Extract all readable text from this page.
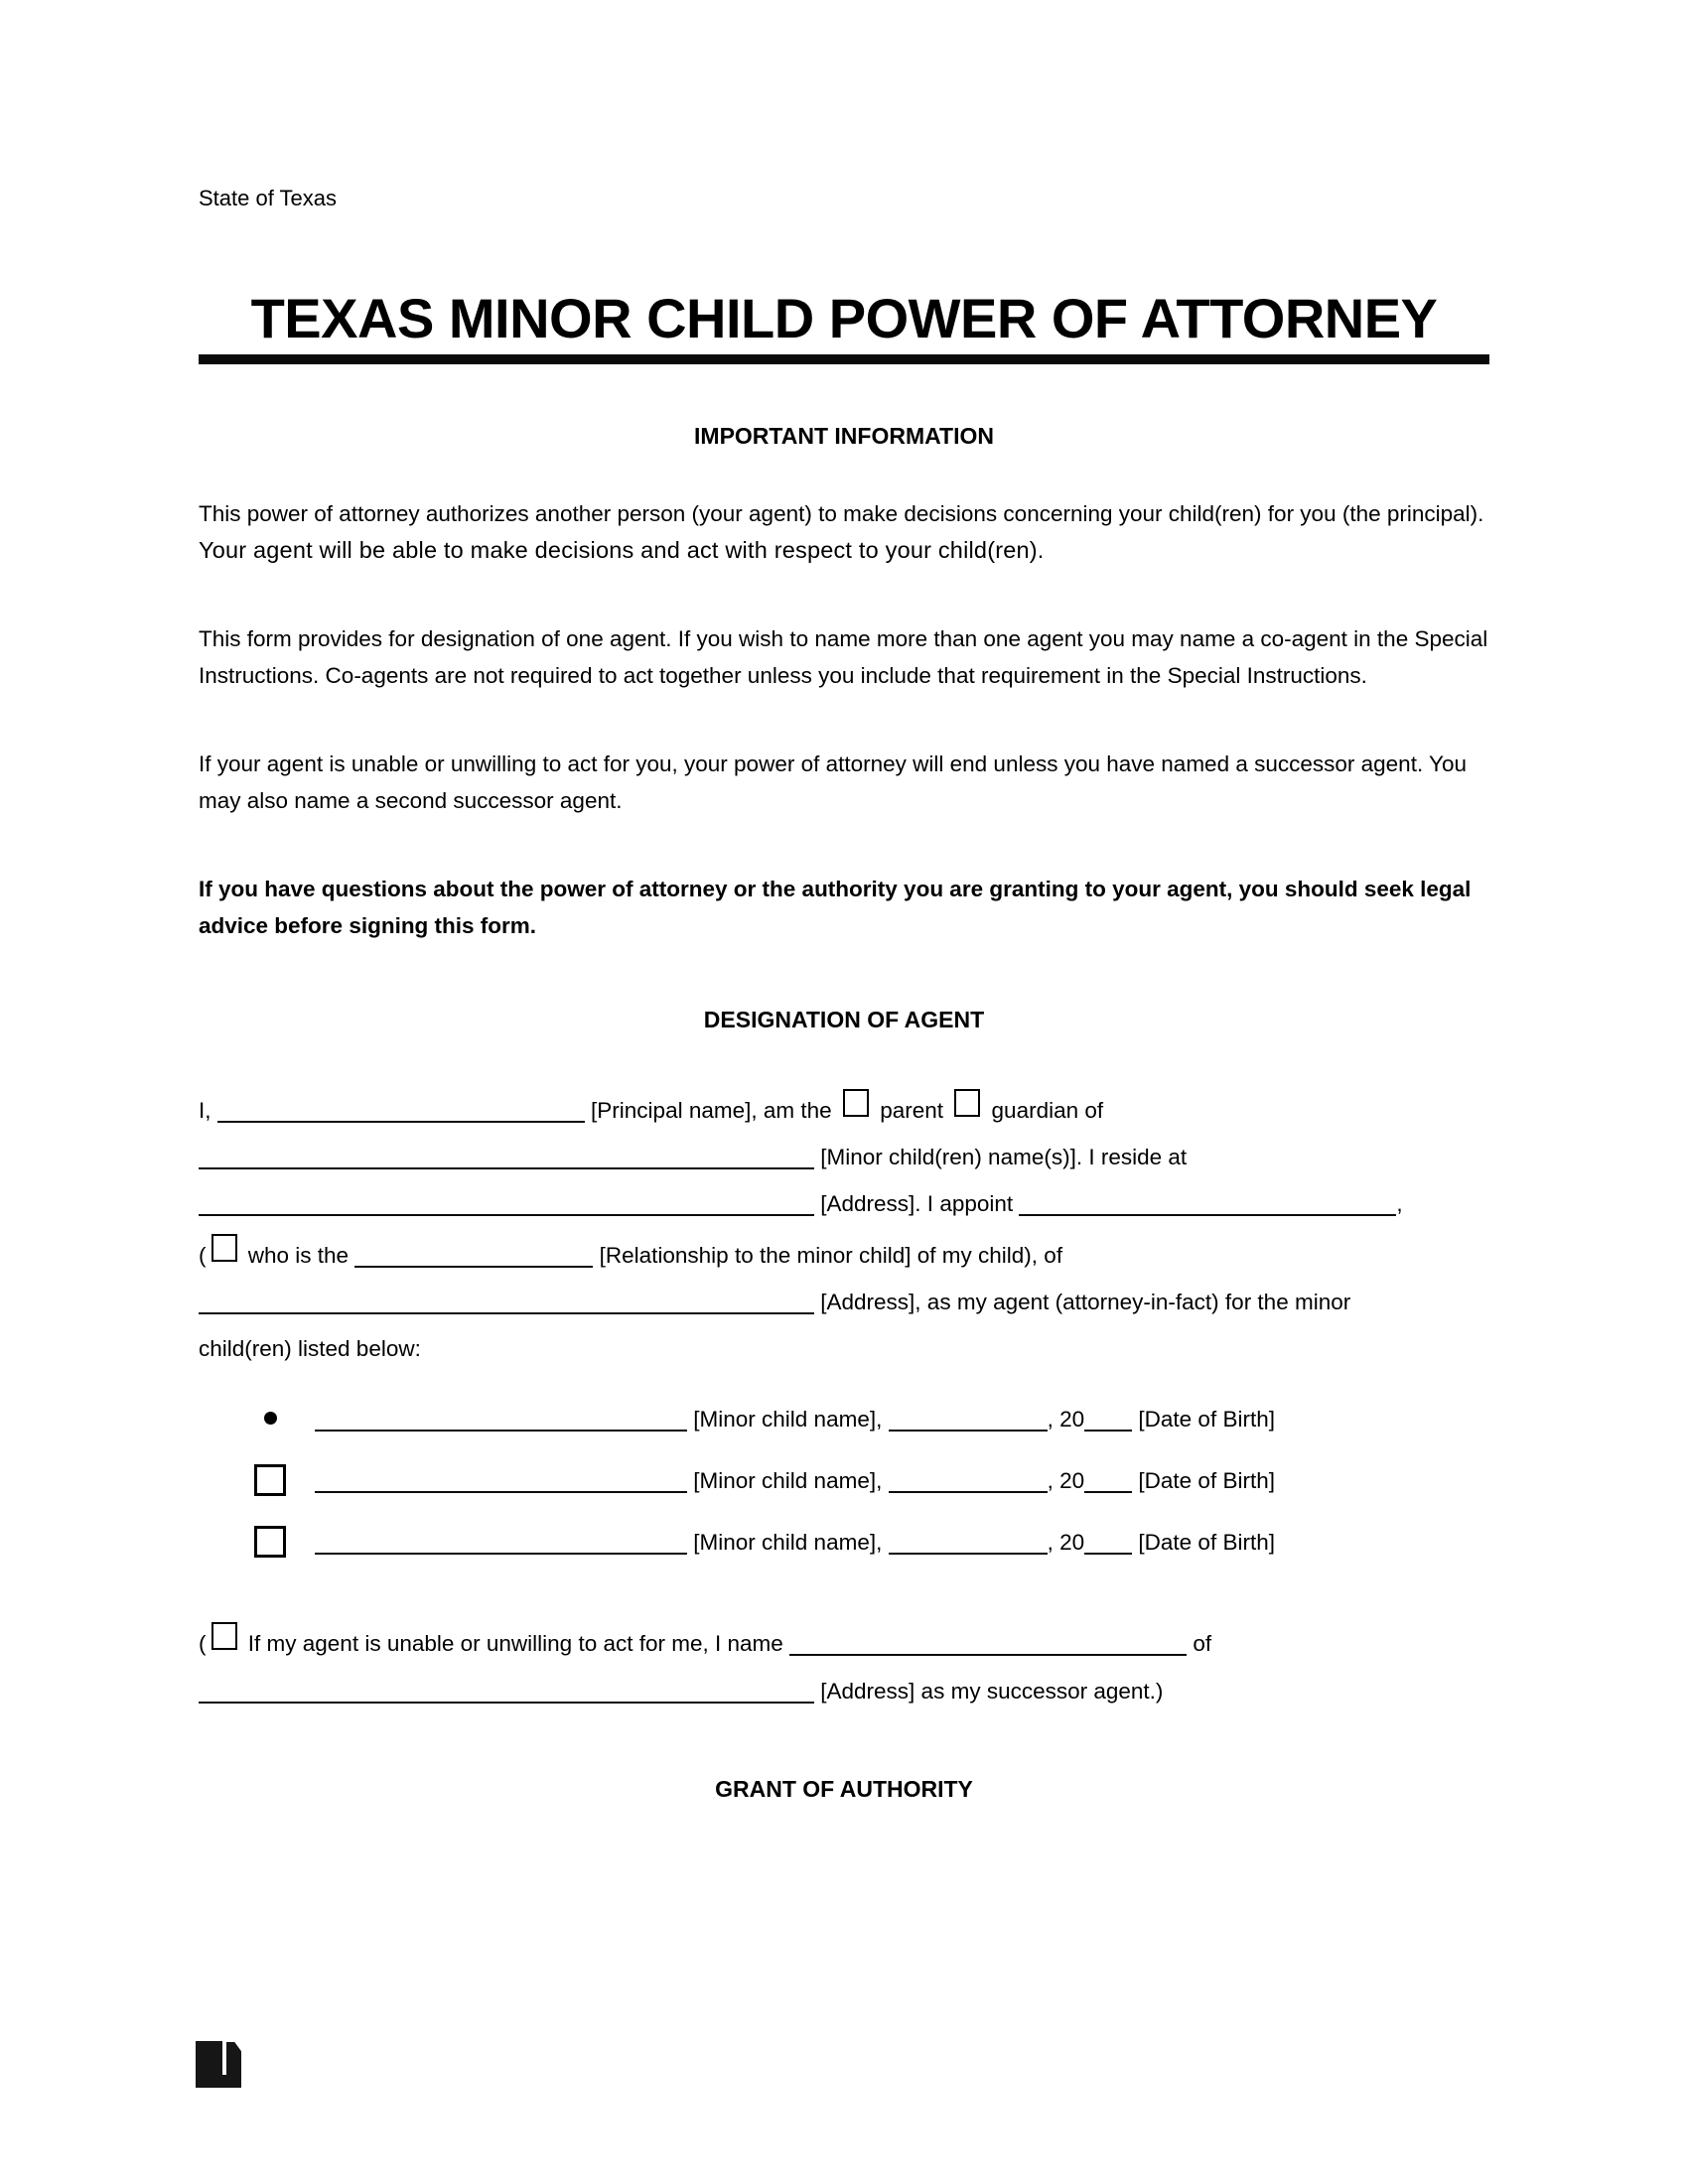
State of Texas
TEXAS MINOR CHILD POWER OF ATTORNEY
IMPORTANT INFORMATION

This power of attorney authorizes another person (your agent) to make decisions concerning your child(ren) for you (the principal). Your agent will be able to make decisions and act with respect to your child(ren).

This form provides for designation of one agent. If you wish to name more than one agent you may name a co-agent in the Special Instructions. Co-agents are not required to act together unless you include that requirement in the Special Instructions.

If your agent is unable or unwilling to act for you, your power of attorney will end unless you have named a successor agent. You may also name a second successor agent.

If you have questions about the power of attorney or the authority you are granting to your agent, you should seek legal advice before signing this form.

DESIGNATION OF AGENT
I,	[Principal name], am the parent guardian of
[Minor child(ren) name(s)]. I reside at
[Address]. I appoint	,
( who is the	[Relationship to the minor child] of my child), of
[Address], as my agent (attorney-in-fact) for the minor
child(ren) listed below:
[Minor child name],	, 20 [Date of Birth]
[Minor child name],	, 20 [Date of Birth]
[Minor child name],	, 20 [Date of Birth]
( If my agent is unable or unwilling to act for me, I name	of
[Address] as my successor agent.)
GRANT OF AUTHORITY
